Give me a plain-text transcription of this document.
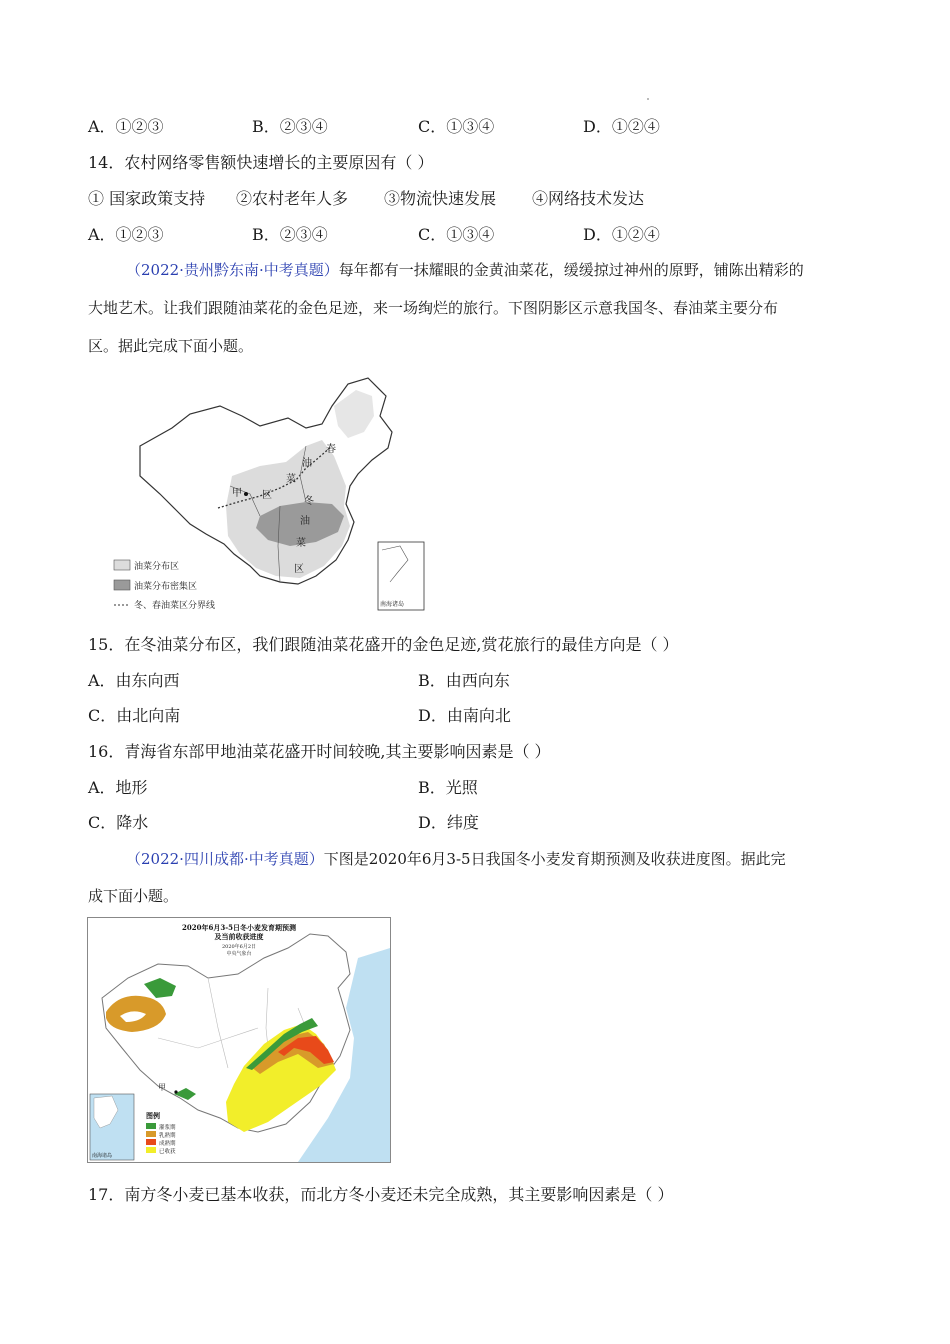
A．①②③	B．②③④	C．①③④	D．①②④
14．农村网络零售额快速增长的主要原因有（ ）
① 国家政策支持 ②农村老年人多 ③物流快速发展 ④网络技术发达
A．①②③	B．②③④	C．①③④	D．①②④
（2022·贵州黔东南·中考真题）每年都有一抹耀眼的金黄油菜花，缓缓掠过神州的原野，铺陈出精彩的
大地艺术。让我们跟随油菜花的金色足迹，来一场绚烂的旅行。下图阴影区示意我国冬、春油菜主要分布
区。据此完成下面小题。
春
油
菜
区
冬
油
菜
区
甲
油菜分布区
油菜分布密集区
冬、春油菜区分界线	南海诸岛
15．在冬油菜分布区，我们跟随油菜花盛开的金色足迹,赏花旅行的最佳方向是（ ）
A．由东向西	B．由西向东
C．由北向南	D．由南向北
16．青海省东部甲地油菜花盛开时间较晚,其主要影响因素是（ ）
A．地形	B．光照
C．降水	D．纬度
（2022·四川成都·中考真题）下图是2020年6月3-5日我国冬小麦发育期预测及收获进度图。据此完
成下面小题。
甲
2020年6月3-5日冬小麦发育期预测
及当前收获进度
2020年6月2日
中央气象台
图例
灌浆期
乳熟期
成熟期
已收获
南海诸岛
17．南方冬小麦已基本收获，而北方冬小麦还未完全成熟，其主要影响因素是（ ）
